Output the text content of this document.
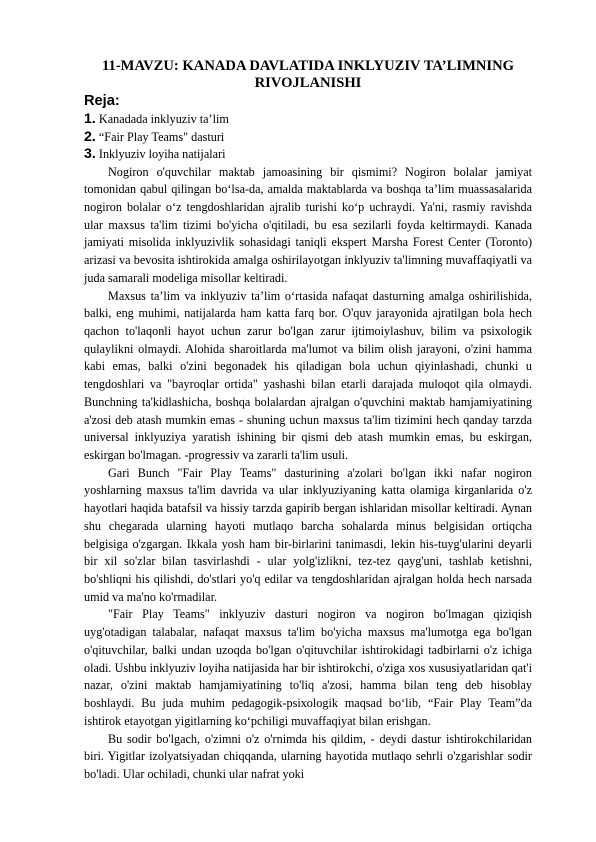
11-MAVZU: KANADA DAVLATIDA INKLYUZIV TA’LIMNING RIVOJLANISHI

Reja:

1. Kanadada inklyuziv ta’lim

2. “Fair Play Teams" dasturi

3. Inklyuziv loyiha natijalari

Nogiron o'quvchilar maktab jamoasining bir qismimi? Nogiron bolalar jamiyat tomonidan qabul qilingan bo‘lsa-da, amalda maktablarda va boshqa ta’lim muassasalarida nogiron bolalar o‘z tengdoshlaridan ajralib turishi ko‘p uchraydi. Ya'ni, rasmiy ravishda ular maxsus ta'lim tizimi bo'yicha o'qitiladi, bu esa sezilarli foyda keltirmaydi. Kanada jamiyati misolida inklyuzivlik sohasidagi taniqli ekspert Marsha Forest Center (Toronto) arizasi va bevosita ishtirokida amalga oshirilayotgan inklyuziv ta'limning muvaffaqiyatli va juda samarali modeliga misollar keltiradi.

Maxsus ta’lim va inklyuziv ta’lim o‘rtasida nafaqat dasturning amalga oshirilishida, balki, eng muhimi, natijalarda ham katta farq bor. O'quv jarayonida ajratilgan bola hech qachon to'laqonli hayot uchun zarur bo'lgan zarur ijtimoiylashuv, bilim va psixologik qulaylikni olmaydi. Alohida sharoitlarda ma'lumot va bilim olish jarayoni, o'zini hamma kabi emas, balki o'zini begonadek his qiladigan bola uchun qiyinlashadi, chunki u tengdoshlari va "bayroqlar ortida" yashashi bilan etarli darajada muloqot qila olmaydi. Bunchning ta'kidlashicha, boshqa bolalardan ajralgan o'quvchini maktab hamjamiyatining a'zosi deb atash mumkin emas - shuning uchun maxsus ta'lim tizimini hech qanday tarzda universal inklyuziya yaratish ishining bir qismi deb atash mumkin emas, bu eskirgan, eskirgan bo'lmagan. -progressiv va zararli ta'lim usuli.

Gari Bunch "Fair Play Teams" dasturining a'zolari bo'lgan ikki nafar nogiron yoshlarning maxsus ta'lim davrida va ular inklyuziyaning katta olamiga kirganlarida o'z hayotlari haqida batafsil va hissiy tarzda gapirib bergan ishlaridan misollar keltiradi. Aynan shu chegarada ularning hayoti mutlaqo barcha sohalarda minus belgisidan ortiqcha belgisiga o'zgargan. Ikkala yosh ham bir-birlarini tanimasdi, lekin his-tuyg'ularini deyarli bir xil so'zlar bilan tasvirlashdi - ular yolg'izlikni, tez-tez qayg'uni, tashlab ketishni, bo'shliqni his qilishdi, do'stlari yo'q edilar va tengdoshlaridan ajralgan holda hech narsada umid va ma'no ko'rmadilar.

"Fair Play Teams" inklyuziv dasturi nogiron va nogiron bo'lmagan qiziqish uyg'otadigan talabalar, nafaqat maxsus ta'lim bo'yicha maxsus ma'lumotga ega bo'lgan o'qituvchilar, balki undan uzoqda bo'lgan o'qituvchilar ishtirokidagi tadbirlarni o'z ichiga oladi. Ushbu inklyuziv loyiha natijasida har bir ishtirokchi, o'ziga xos xususiyatlaridan qat'i nazar, o'zini maktab hamjamiyatining to'liq a'zosi, hamma bilan teng deb hisoblay boshlaydi. Bu juda muhim pedagogik-psixologik maqsad bo‘lib, “Fair Play Team”da ishtirok etayotgan yigitlarning ko‘pchiligi muvaffaqiyat bilan erishgan.

Bu sodir bo'lgach, o'zimni o'z o'rnimda his qildim, - deydi dastur ishtirokchilaridan biri. Yigitlar izolyatsiyadan chiqqanda, ularning hayotida mutlaqo sehrli o'zgarishlar sodir bo'ladi. Ular ochiladi, chunki ular nafrat yoki
